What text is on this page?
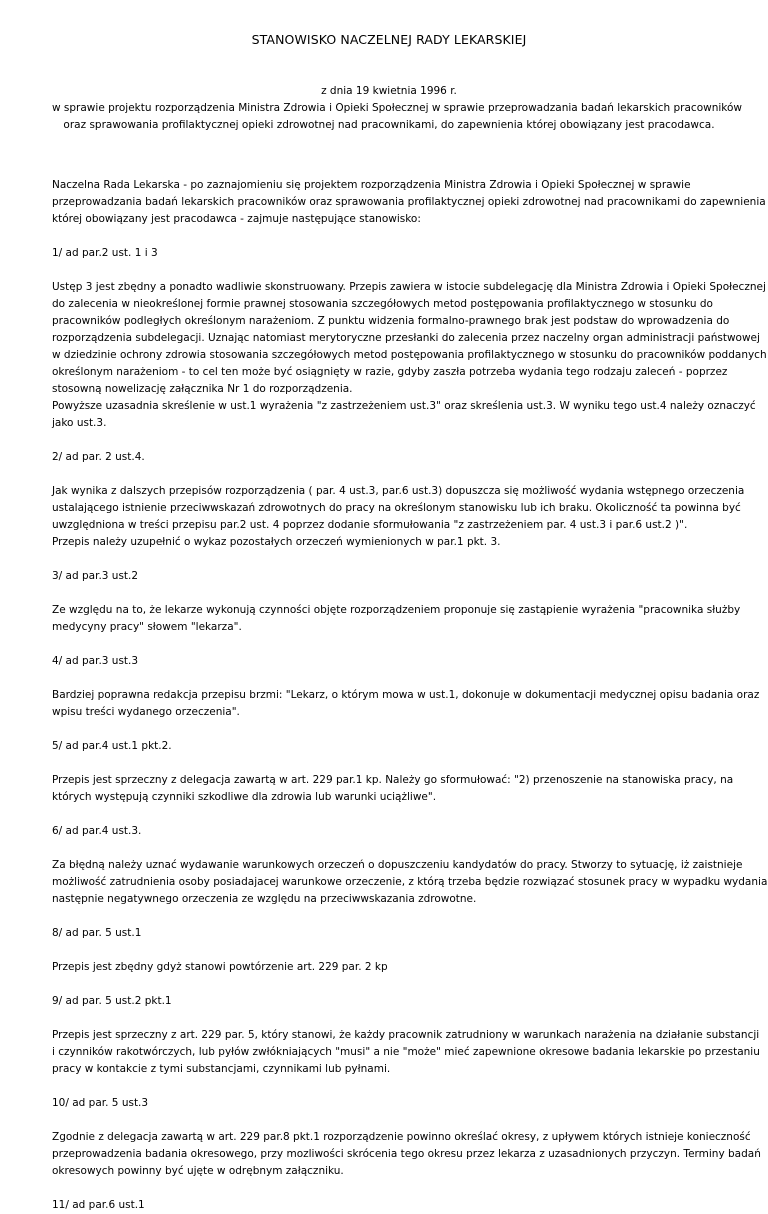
STANOWISKO NACZELNEJ RADY LEKARSKIEJ
z dnia 19 kwietnia 1996 r.
w sprawie projektu rozporządzenia Ministra Zdrowia i Opieki Społecznej w sprawie przeprowadzania badań lekarskich pracowników
oraz sprawowania profilaktycznej opieki zdrowotnej nad pracownikami, do zapewnienia której obowiązany jest pracodawca.

Naczelna Rada Lekarska - po zaznajomieniu się projektem rozporządzenia Ministra Zdrowia i Opieki Społecznej w sprawie
przeprowadzania badań lekarskich pracowników oraz sprawowania profilaktycznej opieki zdrowotnej nad pracownikami do zapewnienia
której obowiązany jest pracodawca - zajmuje następujące stanowisko:

1/ ad par.2 ust. 1 i 3

Ustęp 3 jest zbędny a ponadto wadliwie skonstruowany. Przepis zawiera w istocie subdelegację dla Ministra Zdrowia i Opieki Społecznej
do zalecenia w nieokreślonej formie prawnej stosowania szczegółowych metod postępowania profilaktycznego w stosunku do
pracowników podległych określonym narażeniom. Z punktu widzenia formalno-prawnego brak jest podstaw do wprowadzenia do
rozporządzenia subdelegacji. Uznając natomiast merytoryczne przesłanki do zalecenia przez naczelny organ administracji państwowej
w dziedzinie ochrony zdrowia stosowania szczegółowych metod postępowania profilaktycznego w stosunku do pracowników poddanych
określonym narażeniom - to cel ten może być osiągnięty w razie, gdyby zaszła potrzeba wydania tego rodzaju zaleceń - poprzez
stosowną nowelizację załącznika Nr 1 do rozporządzenia.
Powyższe uzasadnia skreślenie w ust.1 wyrażenia "z zastrzeżeniem ust.3" oraz skreślenia ust.3. W wyniku tego ust.4 należy oznaczyć
jako ust.3.

2/ ad par. 2 ust.4.

Jak wynika z dalszych przepisów rozporządzenia ( par. 4 ust.3, par.6 ust.3) dopuszcza się możliwość wydania wstępnego orzeczenia
ustalającego istnienie przeciwwskazań zdrowotnych do pracy na określonym stanowisku lub ich braku. Okoliczność ta powinna być
uwzględniona w treści przepisu par.2 ust. 4 poprzez dodanie sformułowania "z zastrzeżeniem par. 4 ust.3 i par.6 ust.2 )".
Przepis należy uzupełnić o wykaz pozostałych orzeczeń wymienionych w par.1 pkt. 3.

3/ ad par.3 ust.2

Ze względu na to, że lekarze wykonują czynności objęte rozporządzeniem proponuje się zastąpienie wyrażenia "pracownika służby
medycyny pracy" słowem "lekarza".

4/ ad par.3 ust.3

Bardziej poprawna redakcja przepisu brzmi: "Lekarz, o którym mowa w ust.1, dokonuje w dokumentacji medycznej opisu badania oraz
wpisu treści wydanego orzeczenia".

5/ ad par.4 ust.1 pkt.2.

Przepis jest sprzeczny z delegacja zawartą w art. 229 par.1 kp. Należy go sformułować: "2) przenoszenie na stanowiska pracy, na
których występują czynniki szkodliwe dla zdrowia lub warunki uciążliwe".

6/ ad par.4 ust.3.

Za błędną należy uznać wydawanie warunkowych orzeczeń o dopuszczeniu kandydatów do pracy. Stworzy to sytuację, iż zaistnieje
możliwość zatrudnienia osoby posiadajacej warunkowe orzeczenie, z którą trzeba będzie rozwiązać stosunek pracy w wypadku wydania
następnie negatywnego orzeczenia ze względu na przeciwwskazania zdrowotne.

8/ ad par. 5 ust.1

Przepis jest zbędny gdyż stanowi powtórzenie art. 229 par. 2 kp

9/ ad par. 5 ust.2 pkt.1

Przepis jest sprzeczny z art. 229 par. 5, który stanowi, że każdy pracownik zatrudniony w warunkach narażenia na działanie substancji
i czynników rakotwórczych, lub pyłów zwłókniających "musi" a nie "może" mieć zapewnione okresowe badania lekarskie po przestaniu
pracy w kontakcie z tymi substancjami, czynnikami lub pyłnami.

10/ ad par. 5 ust.3

Zgodnie z delegacja zawartą w art. 229 par.8 pkt.1 rozporządzenie powinno określać okresy, z upływem których istnieje konieczność
przeprowadzenia badania okresowego, przy mozliwości skrócenia tego okresu przez lekarza z uzasadnionych przyczyn. Terminy badań
okresowych powinny być ujęte w odrębnym załączniku.

11/ ad par.6 ust.1
